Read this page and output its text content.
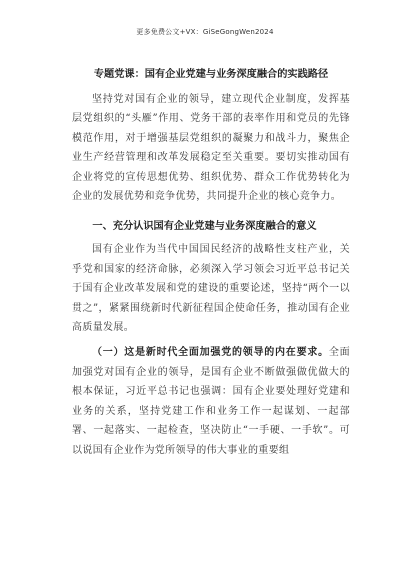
更多免费公文+VX：GiSeGongWen2024
专题党课：国有企业党建与业务深度融合的实践路径

坚持党对国有企业的领导，建立现代企业制度，发挥基层党组织的“头雁”作用、党务干部的表率作用和党员的先锋模范作用，对于增强基层党组织的凝聚力和战斗力，聚焦企业生产经营管理和改革发展稳定至关重要。要切实推动国有企业将党的宣传思想优势、组织优势、群众工作优势转化为企业的发展优势和竞争优势，共同提升企业的核心竞争力。

一、充分认识国有企业党建与业务深度融合的意义

国有企业作为当代中国国民经济的战略性支柱产业，关乎党和国家的经济命脉，必须深入学习领会习近平总书记关于国有企业改革发展和党的建设的重要论述，坚持“两个一以贯之”，紧紧围绕新时代新征程国企使命任务，推动国有企业高质量发展。

（一）这是新时代全面加强党的领导的内在要求。全面加强党对国有企业的领导，是国有企业不断做强做优做大的根本保证，习近平总书记也强调：国有企业要处理好党建和业务的关系，坚持党建工作和业务工作一起谋划、一起部署、一起落实、一起检查，坚决防止“一手硬、一手软”。可以说国有企业作为党所领导的伟大事业的重要组
